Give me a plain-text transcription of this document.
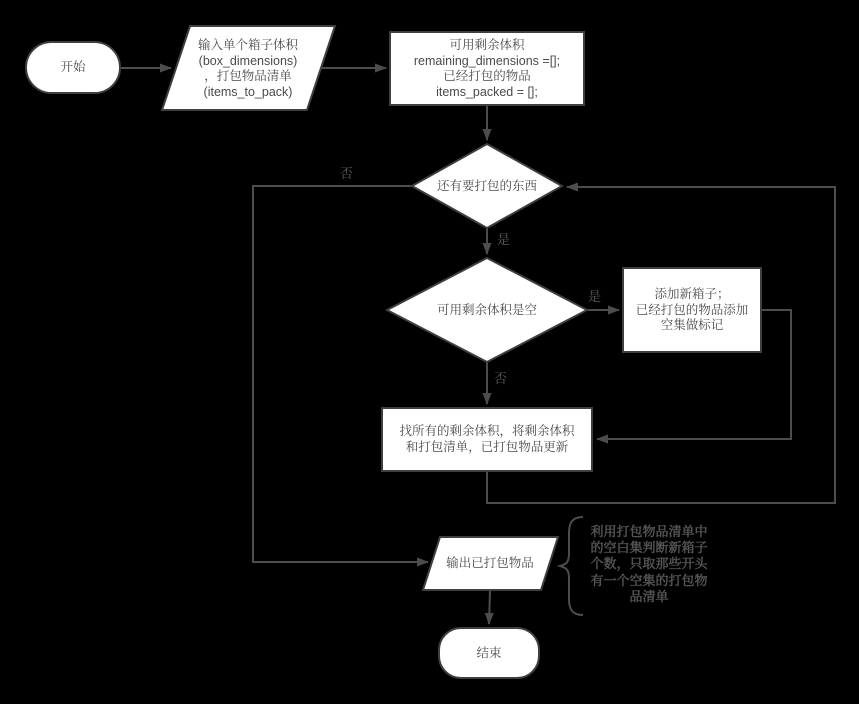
开始
输入单个箱子体积
(box_dimensions)
，打包物品清单
(items_to_pack)
可用剩余体积
remaining_dimensions =[];
已经打包的物品
items_packed = [];
还有要打包的东西
可用剩余体积是空
添加新箱子；
已经打包的物品添加
空集做标记
找所有的剩余体积，将剩余体积
和打包清单，已打包物品更新
输出已打包物品
结束
否
是
是
否
利用打包物品清单中
的空白集判断新箱子
个数，只取那些开头
有一个空集的打包物
品清单
